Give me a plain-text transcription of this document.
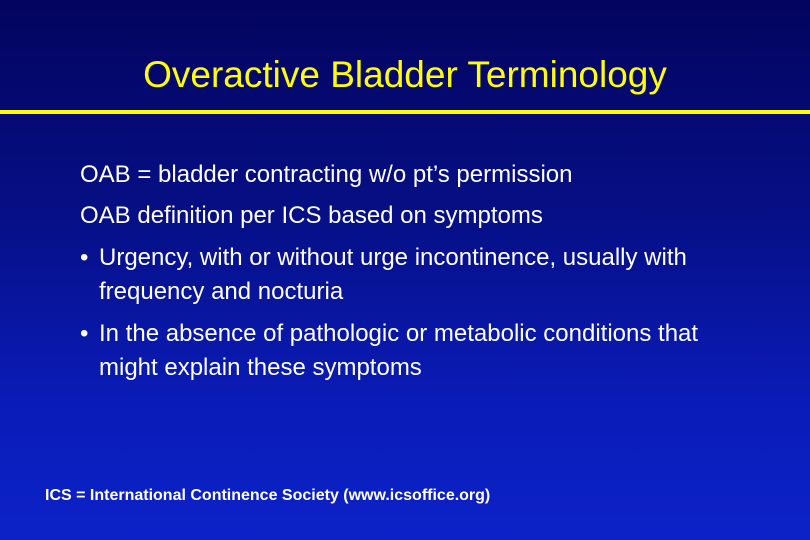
Overactive Bladder Terminology

OAB = bladder contracting w/o pt’s permission

OAB definition per ICS based on symptoms

• Urgency, with or without urge incontinence, usually with frequency and nocturia
• In the absence of pathologic or metabolic conditions that might explain these symptoms

ICS = International Continence Society (www.icsoffice.org)
